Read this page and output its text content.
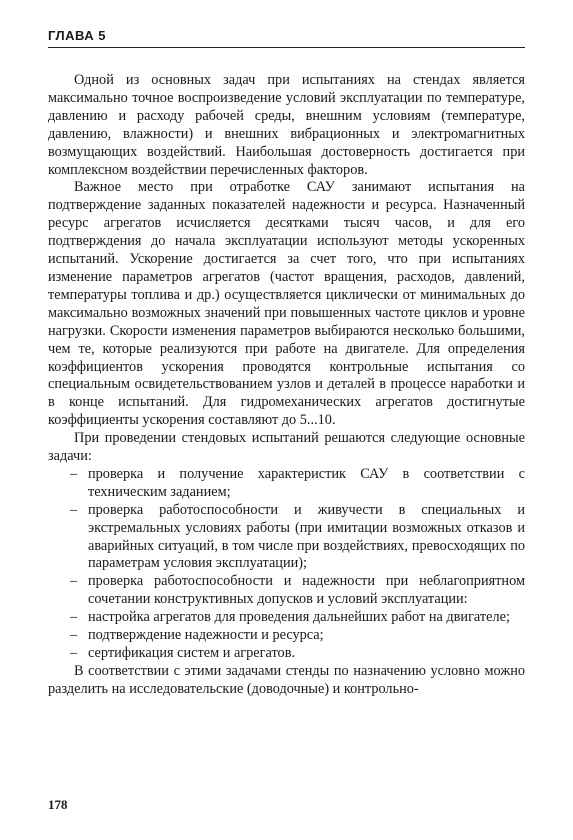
ГЛАВА 5

Одной из основных задач при испытаниях на стендах является максимально точное воспроизведение условий эксплуатации по температуре, давлению и расходу рабочей среды, внешним условиям (температуре, давлению, влажности) и внешних вибрационных и электромагнитных возмущающих воздействий. Наибольшая достоверность достигается при комплексном воздействии перечисленных факторов.

Важное место при отработке САУ занимают испытания на подтверждение заданных показателей надежности и ресурса. Назначенный ресурс агрегатов исчисляется десятками тысяч часов, и для его подтверждения до начала эксплуатации используют методы ускоренных испытаний. Ускорение достигается за счет того, что при испытаниях изменение параметров агрегатов (частот вращения, расходов, давлений, температуры топлива и др.) осуществляется циклически от минимальных до максимально возможных значений при повышенных частоте циклов и уровне нагрузки. Скорости изменения параметров выбираются несколько большими, чем те, которые реализуются при работе на двигателе. Для определения коэффициентов ускорения проводятся контрольные испытания со специальным освидетельствованием узлов и деталей в процессе наработки и в конце испытаний. Для гидромеханических агрегатов достигнутые коэффициенты ускорения составляют до 5...10.

При проведении стендовых испытаний решаются следующие основные задачи:

– проверка и получение характеристик САУ в соответствии с техническим заданием;
– проверка работоспособности и живучести в специальных и экстремальных условиях работы (при имитации возможных отказов и аварийных ситуаций, в том числе при воздействиях, превосходящих по параметрам условия эксплуатации);
– проверка работоспособности и надежности при неблагоприятном сочетании конструктивных допусков и условий эксплуатации:
– настройка агрегатов для проведения дальнейших работ на двигателе;
– подтверждение надежности и ресурса;
– сертификация систем и агрегатов.

В соответствии с этими задачами стенды по назначению условно можно разделить на исследовательские (доводочные) и контрольно-

178
